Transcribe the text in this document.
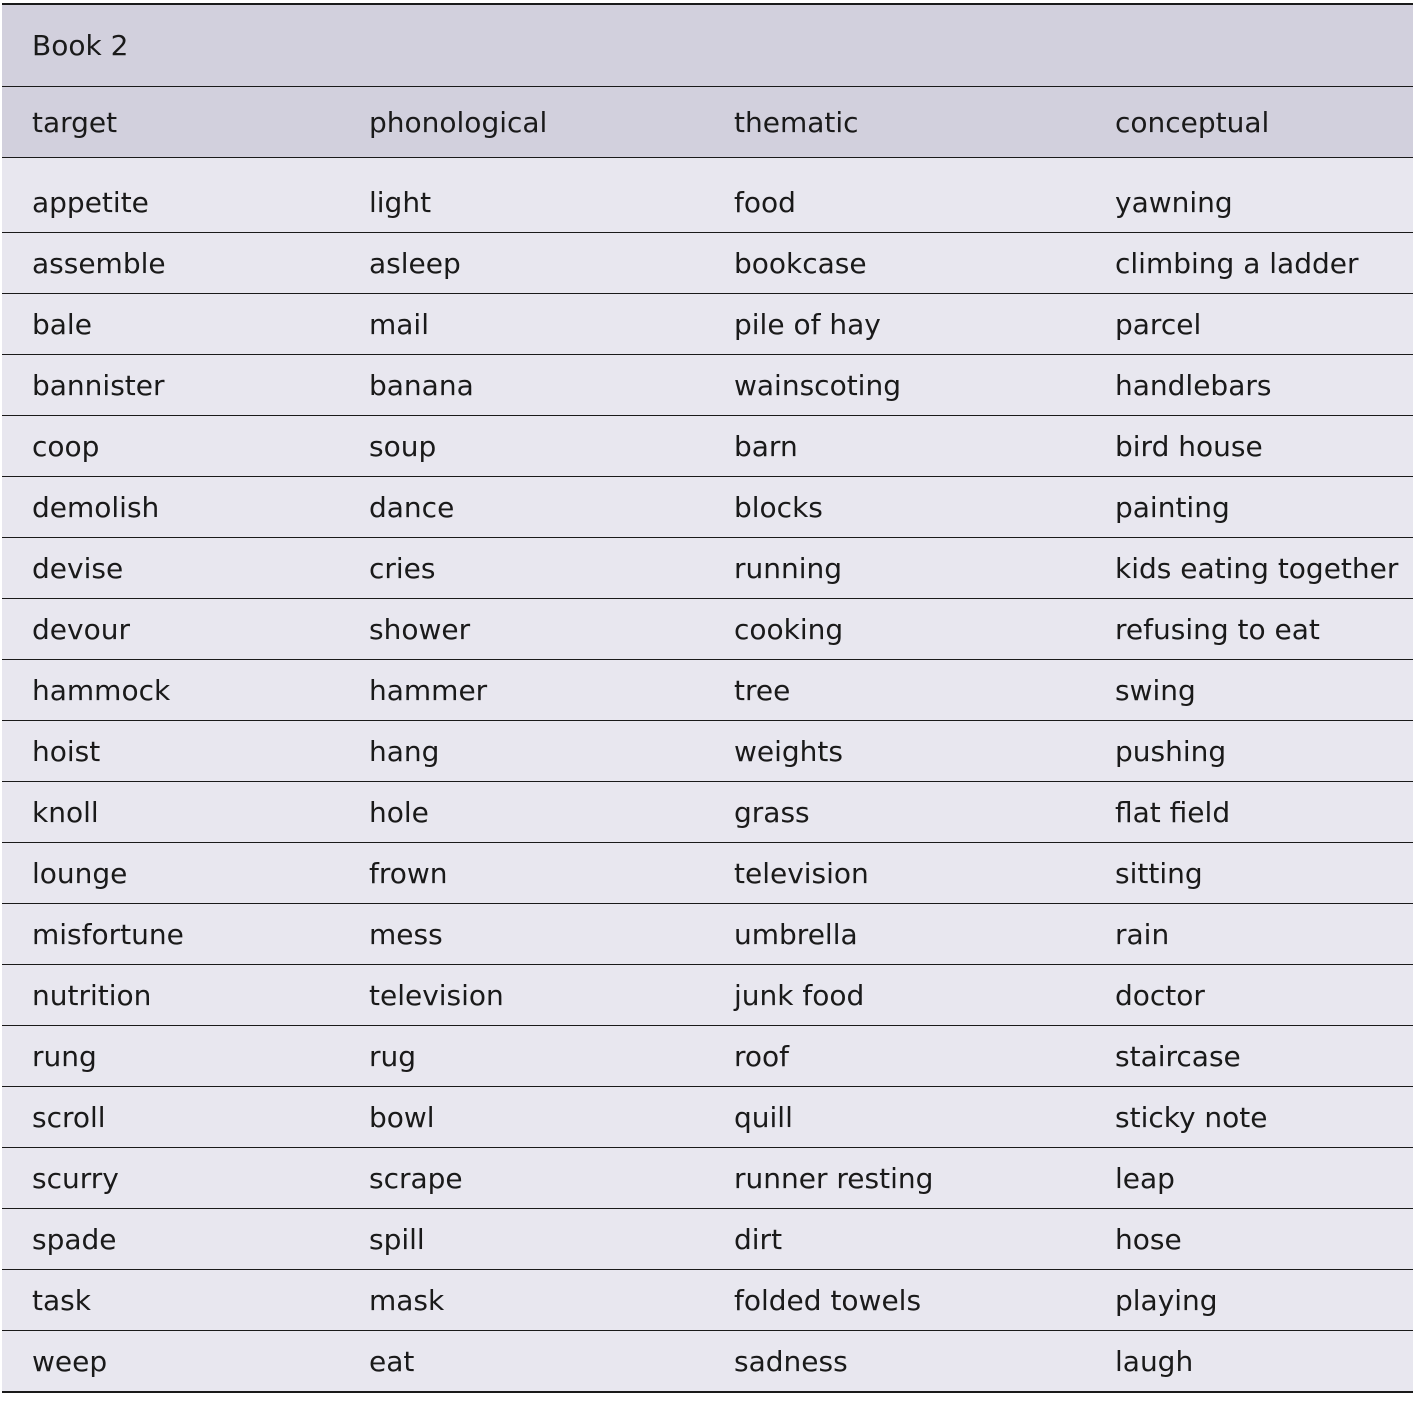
Book 2			
target	phonological	thematic	conceptual

appetite	light	food	yawning
assemble	asleep	bookcase	climbing a ladder
bale	mail	pile of hay	parcel
bannister	banana	wainscoting	handlebars
coop	soup	barn	bird house
demolish	dance	blocks	painting
devise	cries	running	kids eating together
devour	shower	cooking	refusing to eat
hammock	hammer	tree	swing
hoist	hang	weights	pushing
knoll	hole	grass	flat field
lounge	frown	television	sitting
misfortune	mess	umbrella	rain
nutrition	television	junk food	doctor
rung	rug	roof	staircase
scroll	bowl	quill	sticky note
scurry	scrape	runner resting	leap
spade	spill	dirt	hose
task	mask	folded towels	playing
weep	eat	sadness	laugh
